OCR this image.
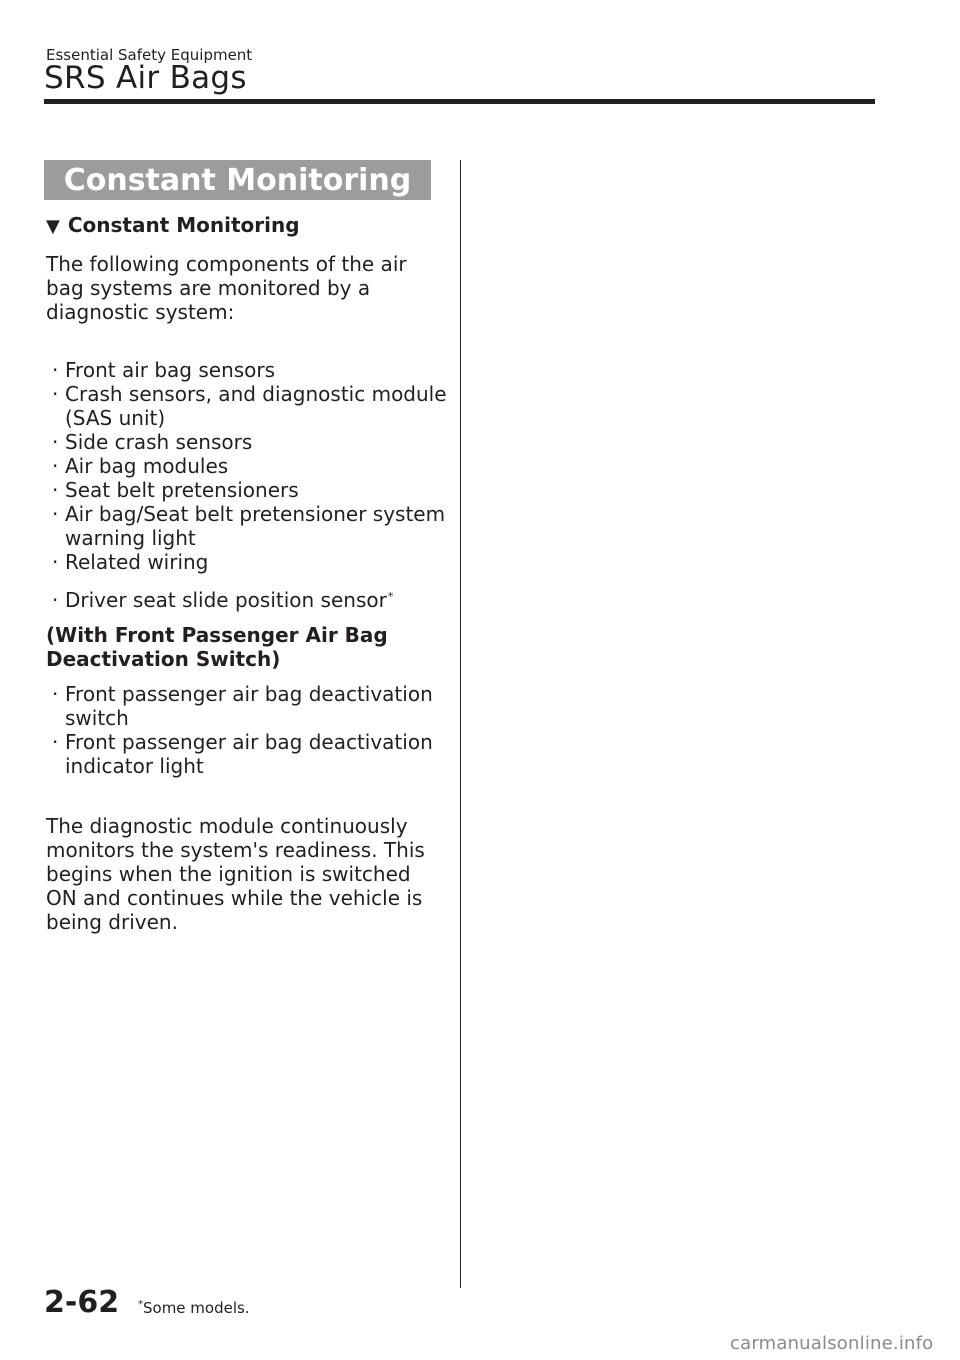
Essential Safety Equipment
SRS Air Bags
Constant Monitoring
▼ Constant Monitoring

The following components of the air bag systems are monitored by a diagnostic system:

· Front air bag sensors
· Crash sensors, and diagnostic module (SAS unit)
· Side crash sensors
· Air bag modules
· Seat belt pretensioners
· Air bag/Seat belt pretensioner system warning light
· Related wiring
· Driver seat slide position sensor*

(With Front Passenger Air Bag Deactivation Switch)

· Front passenger air bag deactivation switch
· Front passenger air bag deactivation indicator light

The diagnostic module continuously monitors the system's readiness. This begins when the ignition is switched ON and continues while the vehicle is being driven.

2-62 *Some models.
carmanualsonline.info
